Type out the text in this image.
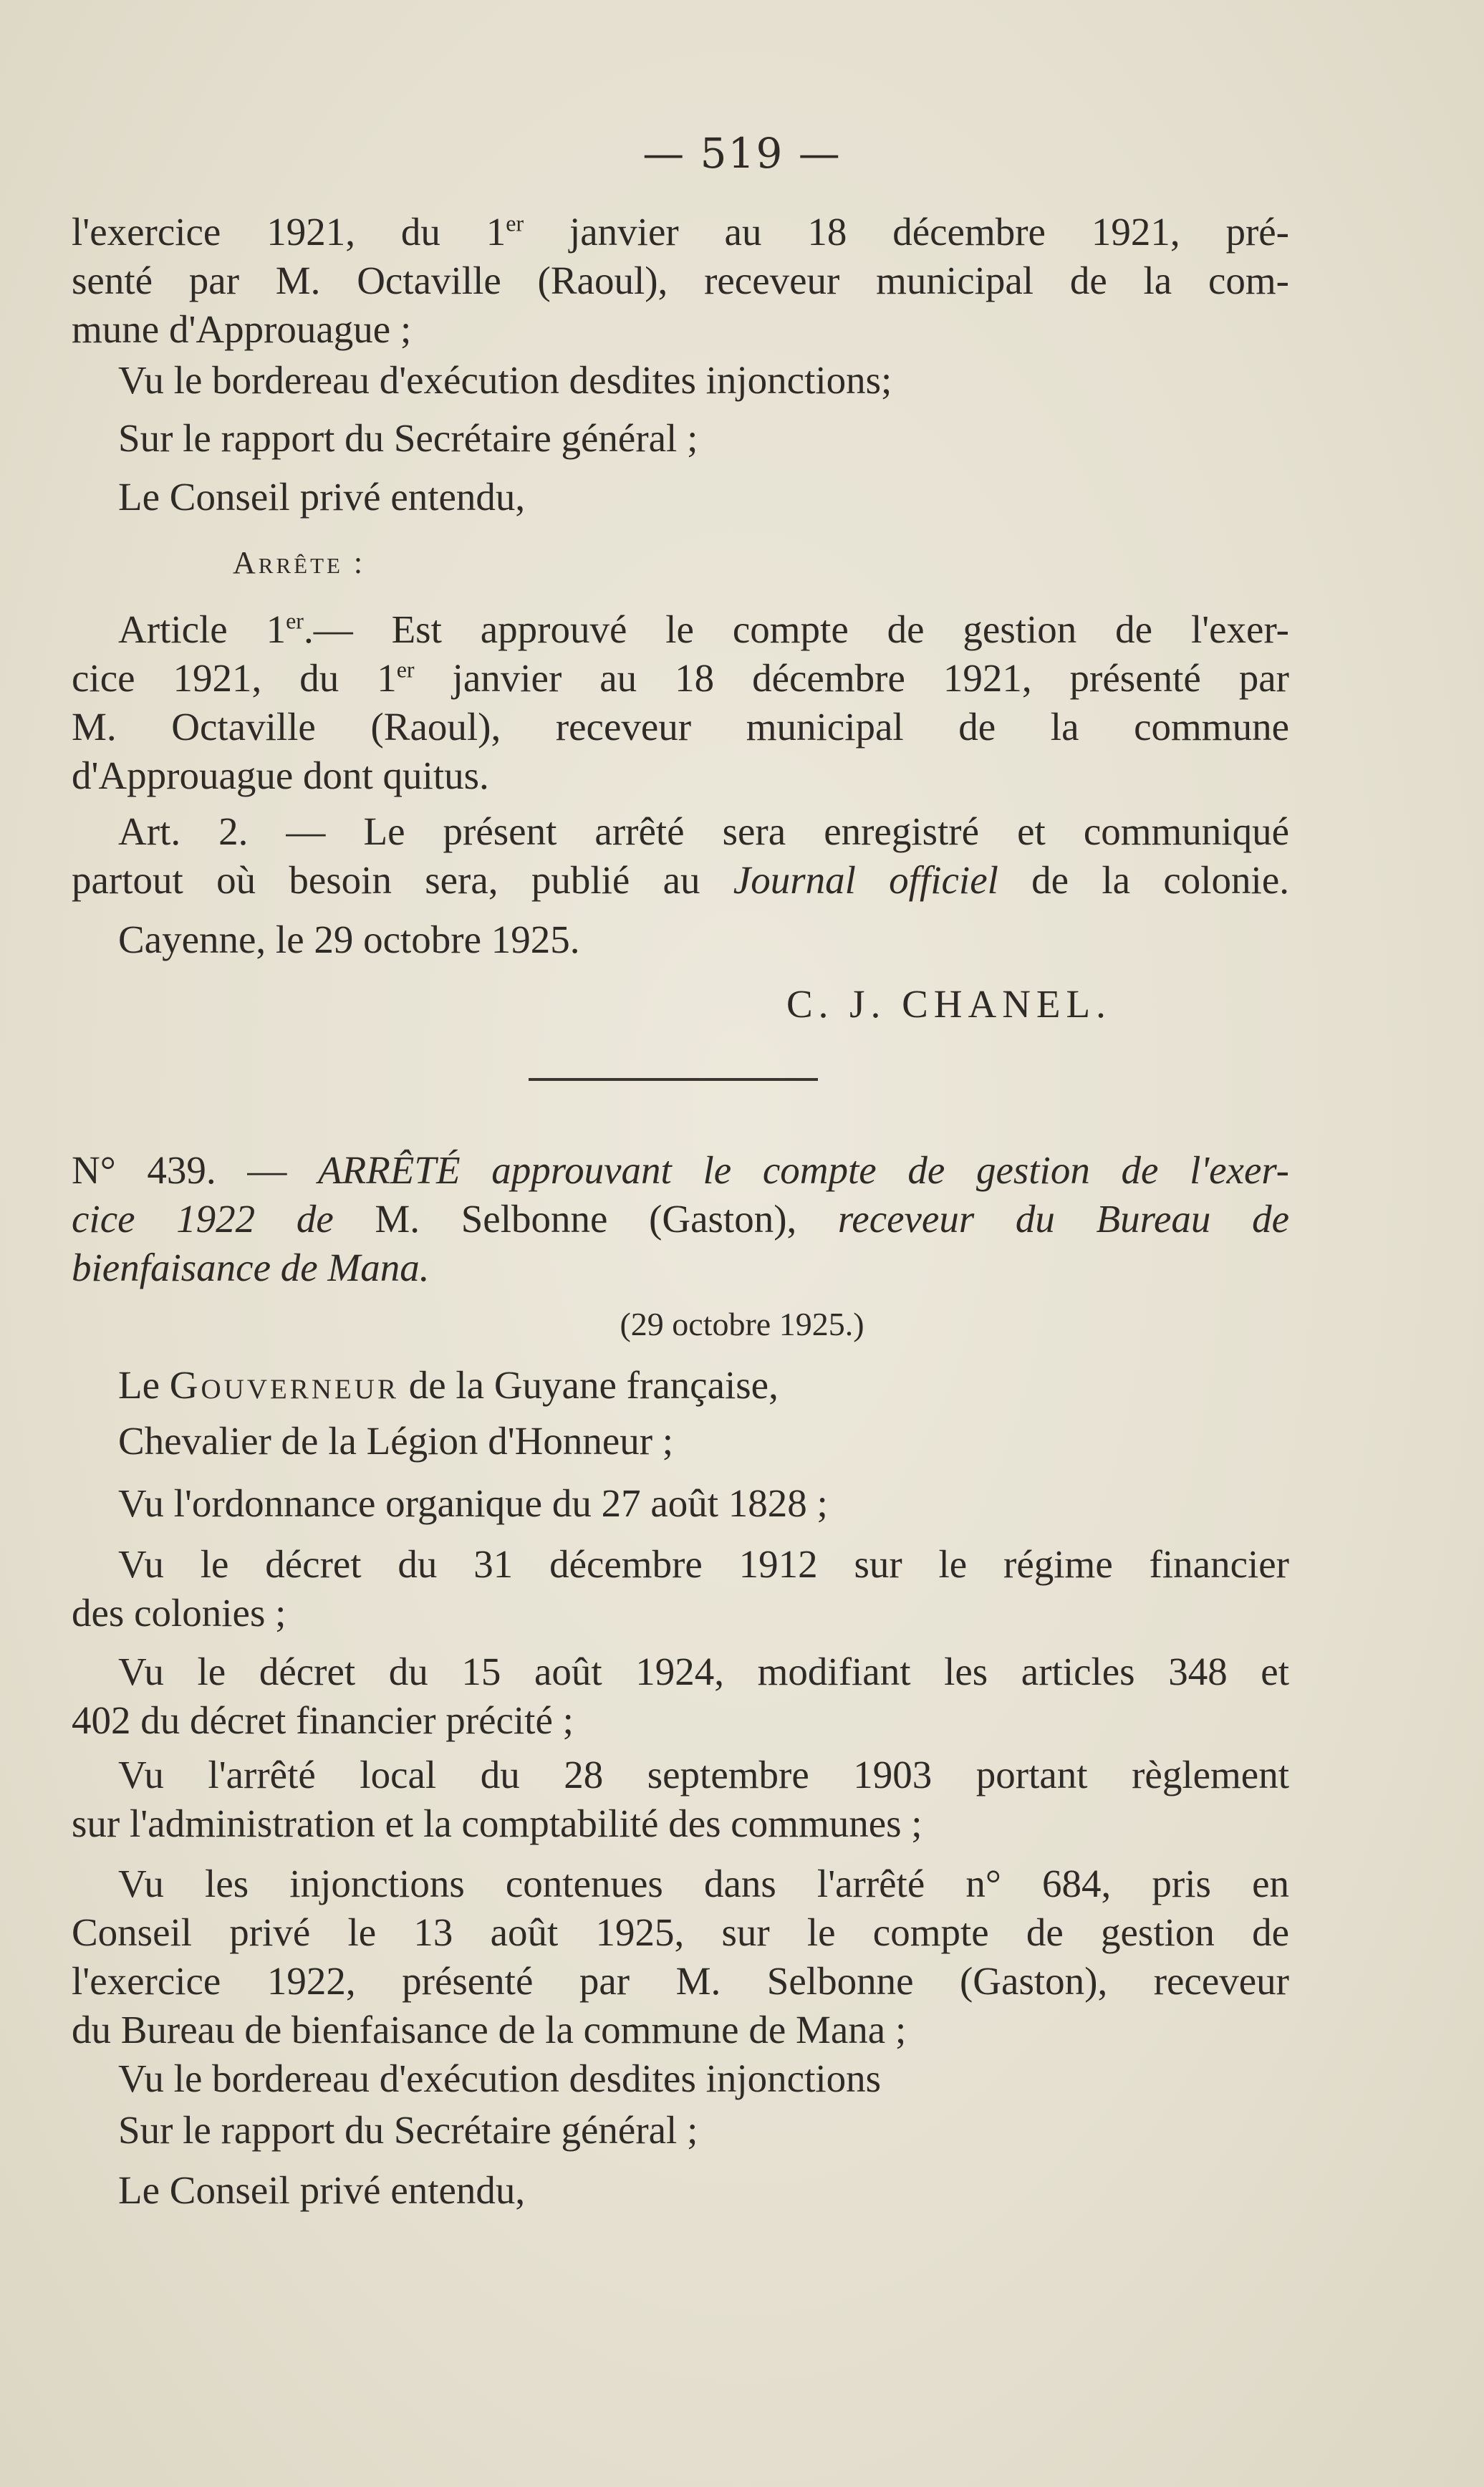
— 519 —
l'exercice 1921, du 1er janvier au 18 décembre 1921, pré-
senté par M. Octaville (Raoul), receveur municipal de la com-
mune d'Approuague ;
Vu le bordereau d'exécution desdites injonctions;
Sur le rapport du Secrétaire général ;
Le Conseil privé entendu,
Arrête :
Article 1er.— Est approuvé le compte de gestion de l'exer-
cice 1921, du 1er janvier au 18 décembre 1921, présenté par
M. Octaville (Raoul), receveur municipal de la commune
d'Approuague dont quitus.
Art. 2. — Le présent arrêté sera enregistré et communiqué
partout où besoin sera, publié au Journal officiel de la colonie.
Cayenne, le 29 octobre 1925.
C. J. CHANEL.
N° 439. — ARRÊTÉ approuvant le compte de gestion de l'exer-
cice 1922 de M. Selbonne (Gaston), receveur du Bureau de
bienfaisance de Mana.
(29 octobre 1925.)
Le Gouverneur de la Guyane française,
Chevalier de la Légion d'Honneur ;
Vu l'ordonnance organique du 27 août 1828 ;
Vu le décret du 31 décembre 1912 sur le régime financier
des colonies ;
Vu le décret du 15 août 1924, modifiant les articles 348 et
402 du décret financier précité ;
Vu l'arrêté local du 28 septembre 1903 portant règlement
sur l'administration et la comptabilité des communes ;
Vu les injonctions contenues dans l'arrêté n° 684, pris en
Conseil privé le 13 août 1925, sur le compte de gestion de
l'exercice 1922, présenté par M. Selbonne (Gaston), receveur
du Bureau de bienfaisance de la commune de Mana ;
Vu le bordereau d'exécution desdites injonctions
Sur le rapport du Secrétaire général ;
Le Conseil privé entendu,
